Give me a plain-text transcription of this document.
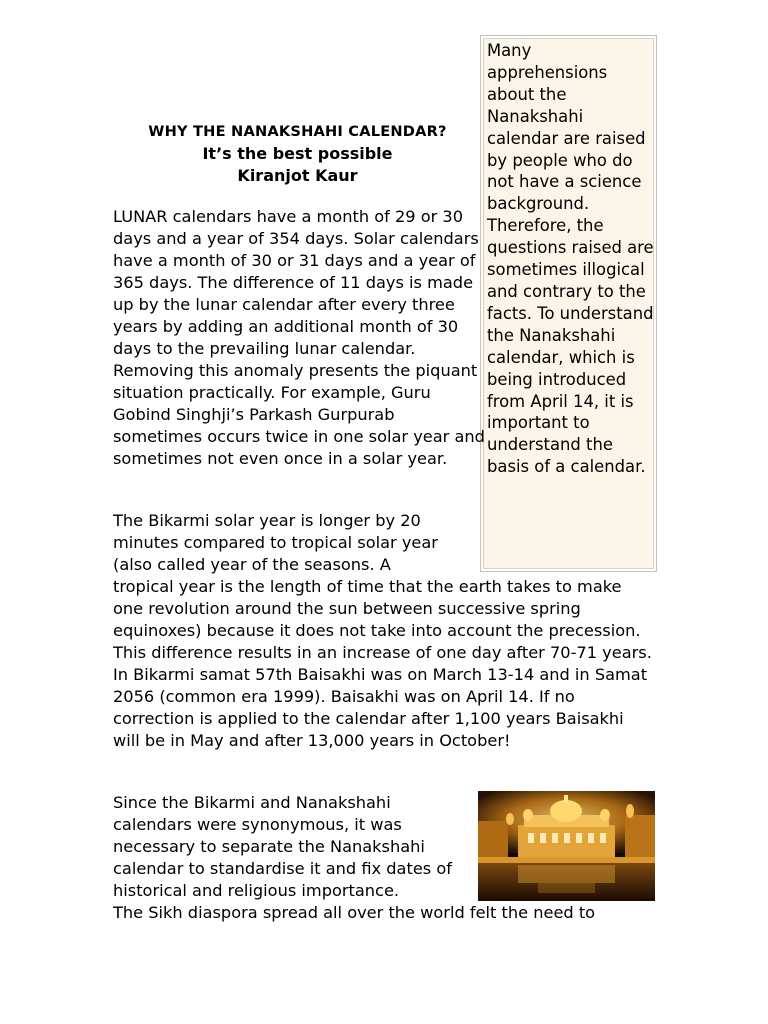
Many apprehensions about the Nanakshahi calendar are raised by people who do not have a science background. Therefore, the questions raised are sometimes illogical and contrary to the facts. To understand the Nanakshahi calendar, which is being introduced from April 14, it is important to understand the basis of a calendar.
WHY THE NANAKSHAHI CALENDAR?
It’s the best possible
Kiranjot Kaur

LUNAR calendars have a month of 29 or 30 days and a year of 354 days. Solar calendars have a month of 30 or 31 days and a year of 365 days. The difference of 11 days is made up by the lunar calendar after every three years by adding an additional month of 30 days to the prevailing lunar calendar. Removing this anomaly presents the piquant situation practically. For example, Guru Gobind Singhji’s Parkash Gurpurab sometimes occurs twice in one solar year and sometimes not even once in a solar year.

The Bikarmi solar year is longer by 20 minutes compared to tropical solar year (also called year of the seasons. A
tropical year is the length of time that the earth takes to make one revolution around the sun between successive spring equinoxes) because it does not take into account the precession. This difference results in an increase of one day after 70-71 years. In Bikarmi samat 57th Baisakhi was on March 13-14 and in Samat 2056 (common era 1999). Baisakhi was on April 14. If no correction is applied to the calendar after 1,100 years Baisakhi will be in May and after 13,000 years in October!

Since the Bikarmi and Nanakshahi calendars were synonymous, it was necessary to separate the Nanakshahi calendar to standardise it and fix dates of historical and religious importance.
The Sikh diaspora spread all over the world felt the need to
